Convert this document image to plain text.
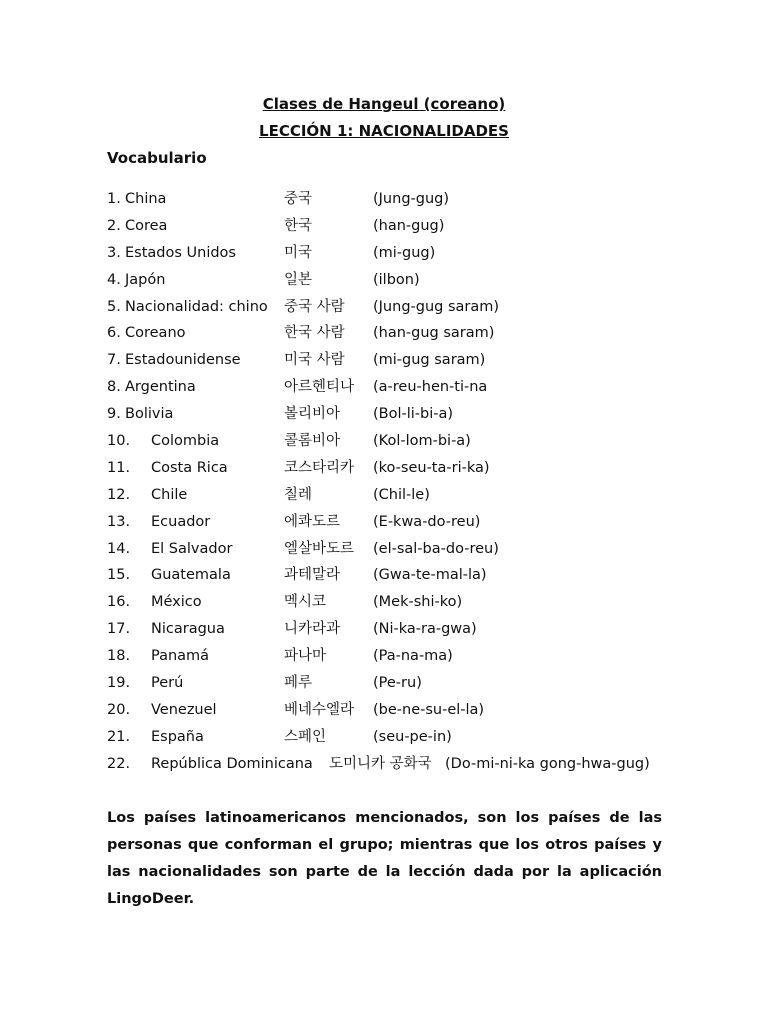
Clases de Hangeul (coreano)
LECCIÓN 1: NACIONALIDADES
Vocabulario
1. China	중국	(Jung-gug)
2. Corea	한국	(han-gug)
3. Estados Unidos	미국	(mi-gug)
4. Japón	일본	(ilbon)
5. Nacionalidad: chino 중국 사람 (Jung-gug saram)
6. Coreano	한국 사람 (han-gug saram)
7. Estadounidense	미국 사람 (mi-gug saram)
8. Argentina	아르헨티나 (a-reu-hen-ti-na
9. Bolivia	볼리비아 (Bol-li-bi-a)
10. Colombia	콜롬비아 (Kol-lom-bi-a)
11. Costa Rica	코스타리카 (ko-seu-ta-ri-ka)
12. Chile	칠레	(Chil-le)
13. Ecuador	에콰도르 (E-kwa-do-reu)
14. El Salvador	엘살바도르 (el-sal-ba-do-reu)
15. Guatemala	과테말라 (Gwa-te-mal-la)
16. México	멕시코	(Mek-shi-ko)
17. Nicaragua	니카라과 (Ni-ka-ra-gwa)
18. Panamá	파나마	(Pa-na-ma)
19. Perú	페루	(Pe-ru)
20. Venezuel	베네수엘라 (be-ne-su-el-la)
21. España	스페인	(seu-pe-in)
22. República Dominicana 도미니카 공화국 (Do-mi-ni-ka gong-hwa-gug)

Los países latinoamericanos mencionados, son los países de las personas que conforman el grupo; mientras que los otros países y las nacionalidades son parte de la lección dada por la aplicación LingoDeer.
